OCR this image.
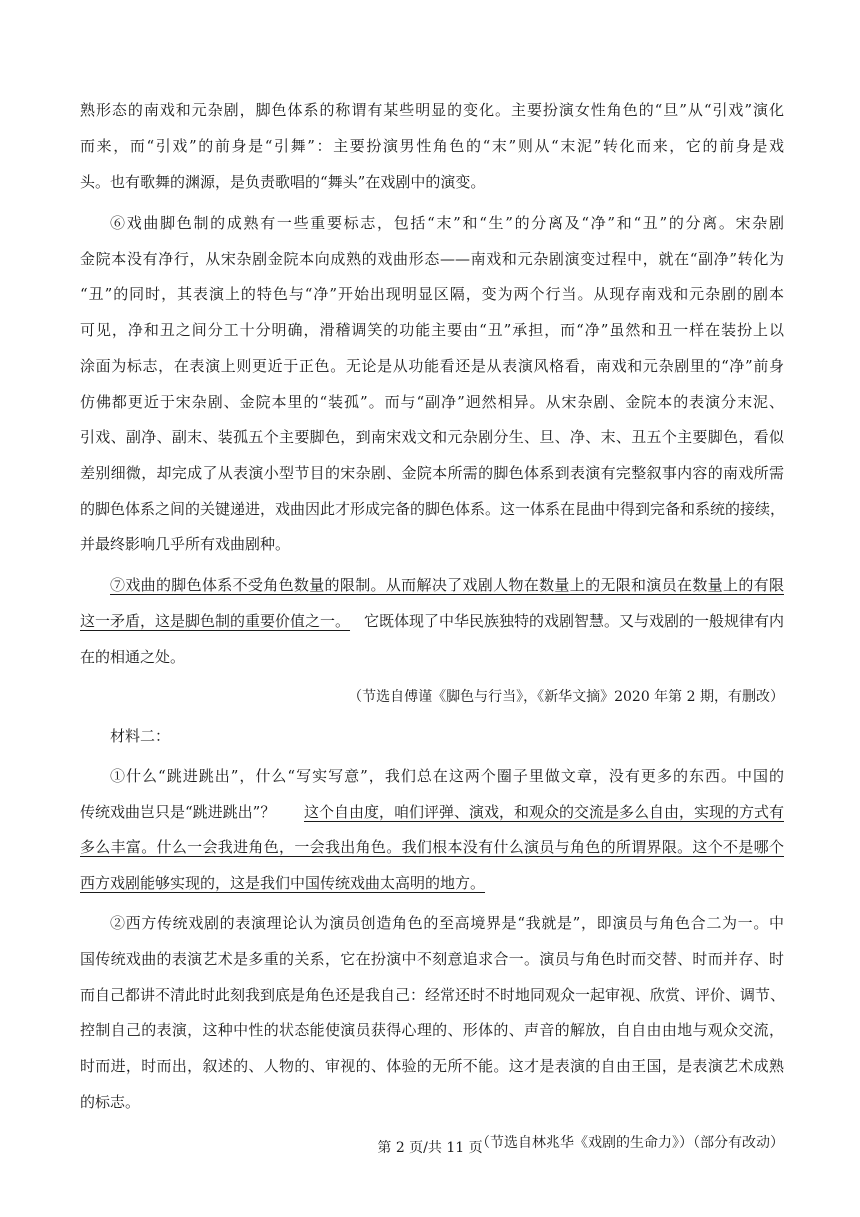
熟形态的南戏和元杂剧，脚色体系的称谓有某些明显的变化。主要扮演女性角色的“旦”从“引戏”演化
而来，而“引戏”的前身是“引舞”：主要扮演男性角色的“末”则从“末泥”转化而来，它的前身是戏
头。也有歌舞的渊源，是负责歌唱的“舞头”在戏剧中的演变。
⑥戏曲脚色制的成熟有一些重要标志，包括“末”和“生”的分离及“净”和“丑”的分离。宋杂剧
金院本没有净行，从宋杂剧金院本向成熟的戏曲形态——南戏和元杂剧演变过程中，就在“副净”转化为
“丑”的同时，其表演上的特色与“净”开始出现明显区隔，变为两个行当。从现存南戏和元杂剧的剧本
可见，净和丑之间分工十分明确，滑稽调笑的功能主要由“丑”承担，而“净”虽然和丑一样在装扮上以
涂面为标志，在表演上则更近于正色。无论是从功能看还是从表演风格看，南戏和元杂剧里的“净”前身
仿佛都更近于宋杂剧、金院本里的“装孤”。而与“副净”迥然相异。从宋杂剧、金院本的表演分末泥、
引戏、副净、副末、装孤五个主要脚色，到南宋戏文和元杂剧分生、旦、净、末、丑五个主要脚色，看似
差别细微，却完成了从表演小型节目的宋杂剧、金院本所需的脚色体系到表演有完整叙事内容的南戏所需
的脚色体系之间的关键递进，戏曲因此才形成完备的脚色体系。这一体系在昆曲中得到完备和系统的接续，
并最终影响几乎所有戏曲剧种。
⑦戏曲的脚色体系不受角色数量的限制。从而解决了戏剧人物在数量上的无限和演员在数量上的有限
这一矛盾，这是脚色制的重要价值之一。 它既体现了中华民族独特的戏剧智慧。又与戏剧的一般规律有内
在的相通之处。
（节选自傅谨《脚色与行当》，《新华文摘》2020 年第 2 期，有删改）
材料二：
①什么“跳进跳出”，什么“写实写意”，我们总在这两个圈子里做文章，没有更多的东西。中国的
传统戏曲岂只是“跳进跳出”？ 这个自由度，咱们评弹、演戏，和观众的交流是多么自由，实现的方式有
多么丰富。什么一会我进角色，一会我出角色。我们根本没有什么演员与角色的所谓界限。这个不是哪个
西方戏剧能够实现的，这是我们中国传统戏曲太高明的地方。
②西方传统戏剧的表演理论认为演员创造角色的至高境界是“我就是”，即演员与角色合二为一。中
国传统戏曲的表演艺术是多重的关系，它在扮演中不刻意追求合一。演员与角色时而交替、时而并存、时
而自己都讲不清此时此刻我到底是角色还是我自己：经常还时不时地同观众一起审视、欣赏、评价、调节、
控制自己的表演，这种中性的状态能使演员获得心理的、形体的、声音的解放，自自由由地与观众交流，
时而进，时而出，叙述的、人物的、审视的、体验的无所不能。这才是表演的自由王国，是表演艺术成熟
的标志。
（节选自林兆华《戏剧的生命力》）（部分有改动）
第 2 页/共 11 页
